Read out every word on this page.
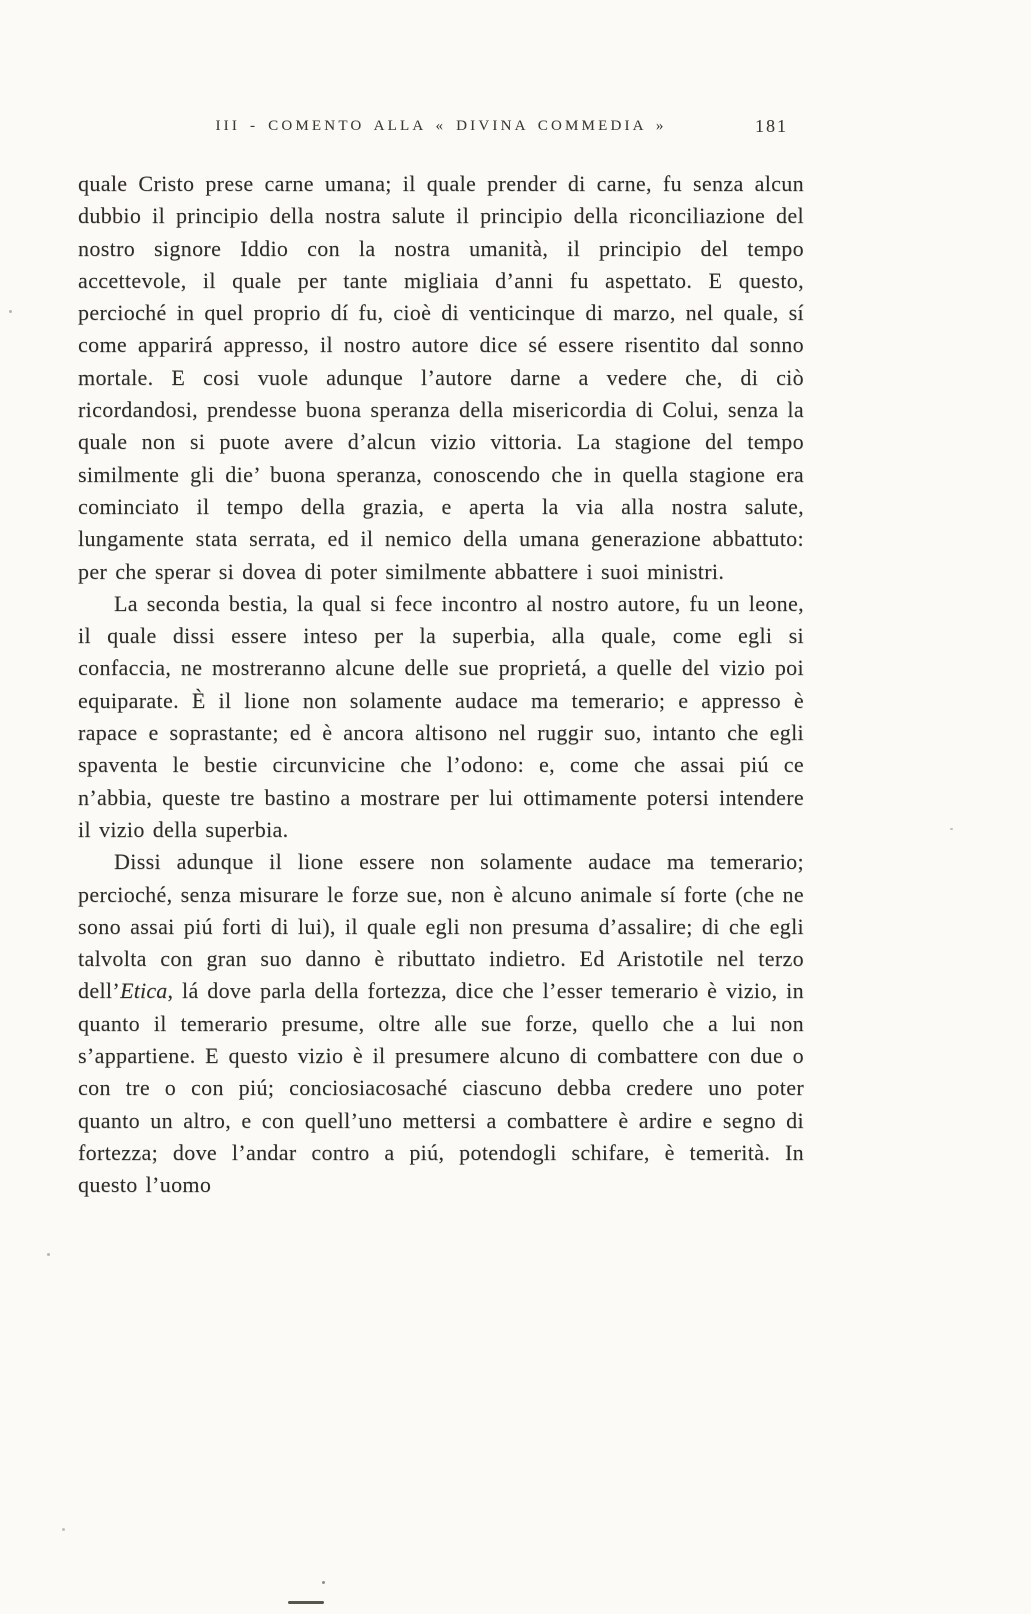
III - COMENTO ALLA « DIVINA COMMEDIA »	181

quale Cristo prese carne umana; il quale prender di carne, fu senza alcun dubbio il principio della nostra salute il principio della riconciliazione del nostro signore Iddio con la nostra umanità, il principio del tempo accettevole, il quale per tante migliaia d’anni fu aspettato. E questo, percioché in quel proprio dí fu, cioè di venticinque di marzo, nel quale, sí come apparirá appresso, il nostro autore dice sé essere risentito dal sonno mortale. E cosi vuole adunque l’autore darne a vedere che, di ciò ricordandosi, prendesse buona speranza della misericordia di Colui, senza la quale non si puote avere d’alcun vizio vittoria. La stagione del tempo similmente gli die’ buona speranza, conoscendo che in quella stagione era cominciato il tempo della grazia, e aperta la via alla nostra salute, lungamente stata serrata, ed il nemico della umana generazione abbattuto: per che sperar si dovea di poter similmente abbattere i suoi ministri.

La seconda bestia, la qual si fece incontro al nostro autore, fu un leone, il quale dissi essere inteso per la superbia, alla quale, come egli si confaccia, ne mostreranno alcune delle sue proprietá, a quelle del vizio poi equiparate. È il lione non solamente audace ma temerario; e appresso è rapace e soprastante; ed è ancora altisono nel ruggir suo, intanto che egli spaventa le bestie circunvicine che l’odono: e, come che assai piú ce n’abbia, queste tre bastino a mostrare per lui ottimamente potersi intendere il vizio della superbia.

Dissi adunque il lione essere non solamente audace ma temerario; percioché, senza misurare le forze sue, non è alcuno animale sí forte (che ne sono assai piú forti di lui), il quale egli non presuma d’assalire; di che egli talvolta con gran suo danno è ributtato indietro. Ed Aristotile nel terzo dell’Etica, lá dove parla della fortezza, dice che l’esser temerario è vizio, in quanto il temerario presume, oltre alle sue forze, quello che a lui non s’appartiene. E questo vizio è il presumere alcuno di combattere con due o con tre o con piú; conciosiacosaché ciascuno debba credere uno poter quanto un altro, e con quell’uno mettersi a combattere è ardire e segno di fortezza; dove l’andar contro a piú, potendogli schifare, è temerità. In questo l’uomo
